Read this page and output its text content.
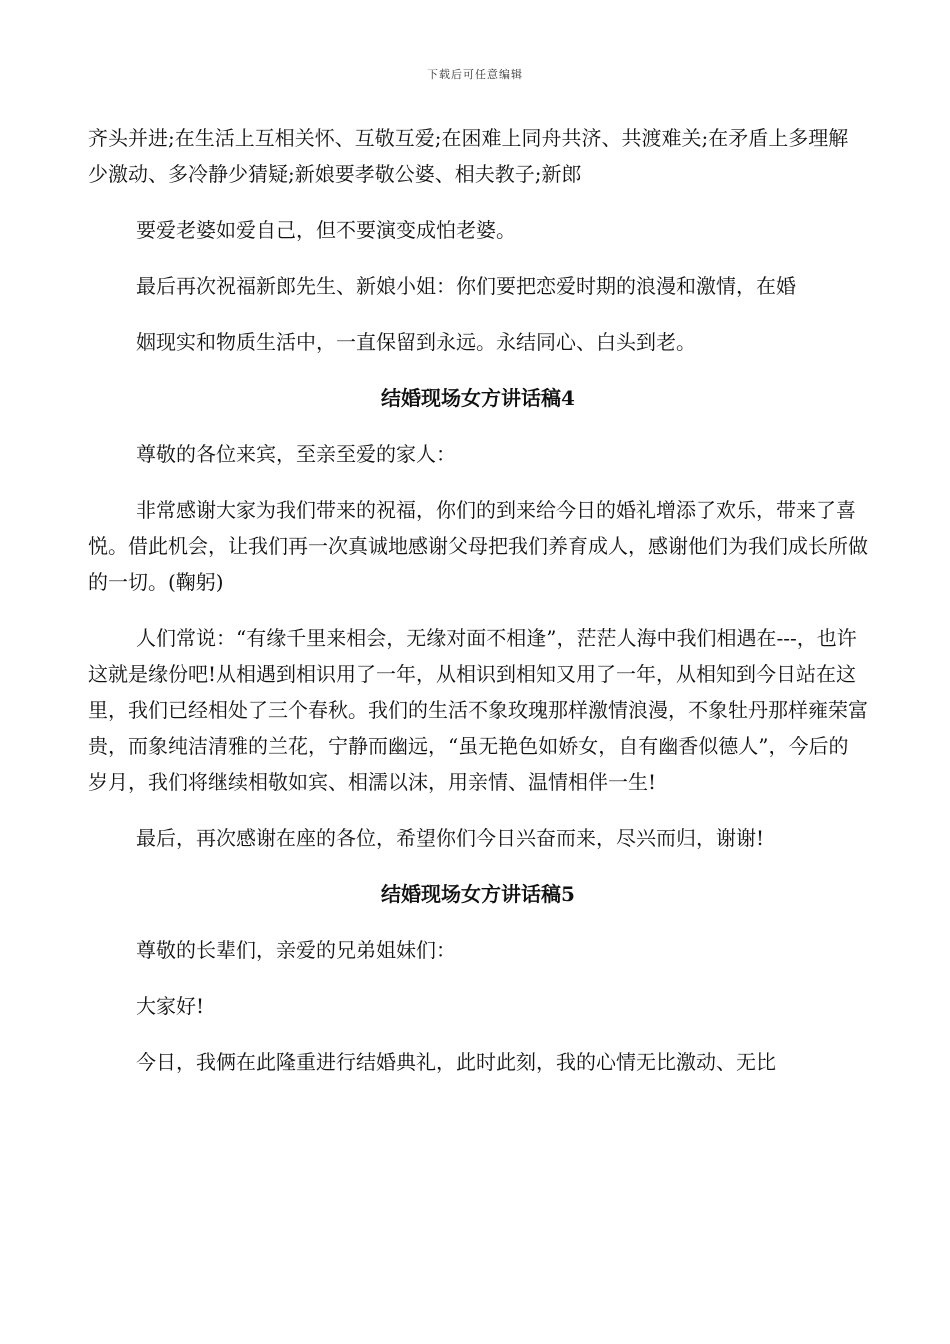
下载后可任意编辑

齐头并进;在生活上互相关怀、互敬互爱;在困难上同舟共济、共渡难关;在矛盾上多理解少激动、多冷静少猜疑;新娘要孝敬公婆、相夫教子;新郎

要爱老婆如爱自己，但不要演变成怕老婆。

最后再次祝福新郎先生、新娘小姐：你们要把恋爱时期的浪漫和激情，在婚

姻现实和物质生活中，一直保留到永远。永结同心、白头到老。

结婚现场女方讲话稿4

尊敬的各位来宾，至亲至爱的家人：

非常感谢大家为我们带来的祝福，你们的到来给今日的婚礼增添了欢乐，带来了喜悦。借此机会，让我们再一次真诚地感谢父母把我们养育成人，感谢他们为我们成长所做的一切。(鞠躬)

人们常说：“有缘千里来相会，无缘对面不相逢”，茫茫人海中我们相遇在---，也许这就是缘份吧!从相遇到相识用了一年，从相识到相知又用了一年，从相知到今日站在这里，我们已经相处了三个春秋。我们的生活不象玫瑰那样激情浪漫，不象牡丹那样雍荣富贵，而象纯洁清雅的兰花，宁静而幽远，“虽无艳色如娇女，自有幽香似德人”，今后的岁月，我们将继续相敬如宾、相濡以沫，用亲情、温情相伴一生!

最后，再次感谢在座的各位，希望你们今日兴奋而来，尽兴而归，谢谢!

结婚现场女方讲话稿5

尊敬的长辈们，亲爱的兄弟姐妹们：

大家好!

今日，我俩在此隆重进行结婚典礼，此时此刻，我的心情无比激动、无比
